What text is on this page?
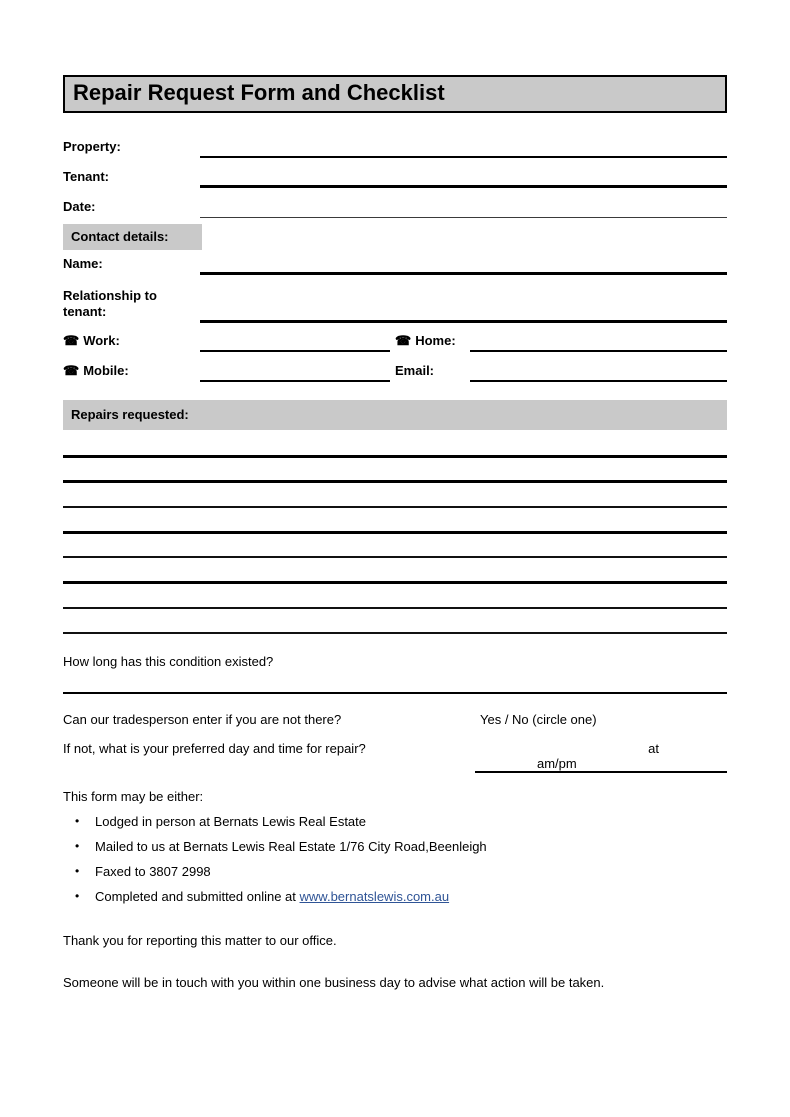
Repair Request Form and Checklist
Property:
Tenant:
Date:
Contact details:
Name:
Relationship to tenant:
☎ Work:	☎ Home:
☎ Mobile:	Email:
Repairs requested:
How long has this condition existed?
Can our tradesperson enter if you are not there?	Yes / No (circle one)
If not, what is your preferred day and time for repair?	at
am/pm
This form may be either:
•	Lodged in person at Bernats Lewis Real Estate
•	Mailed to us at Bernats Lewis Real Estate 1/76 City Road,Beenleigh
•	Faxed to 3807 2998
•	Completed and submitted online at www.bernatslewis.com.au
Thank you for reporting this matter to our office.
Someone will be in touch with you within one business day to advise what action will be taken.
